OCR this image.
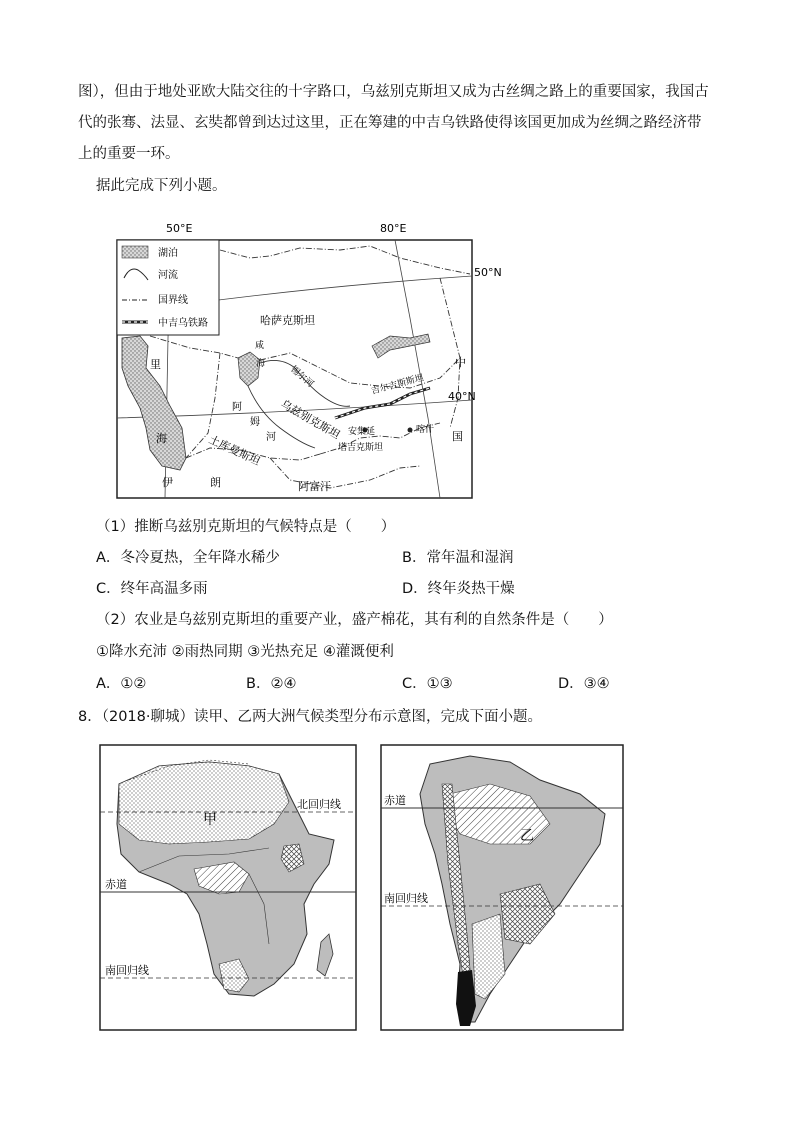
图），但由于地处亚欧大陆交往的十字路口，乌兹别克斯坦又成为古丝绸之路上的重要国家，我国古
代的张骞、法显、玄奘都曾到达过这里，正在筹建的中吉乌铁路使得该国更加成为丝绸之路经济带
上的重要一环。
据此完成下列小题。
50°E	80°E
50°N
40°N
湖泊
河流
国界线
中吉乌铁路
里
海
咸
海
锡尔河
阿
姆
河
哈萨克斯坦
中
国
吉尔吉斯斯坦
乌兹别克斯坦
土库曼斯坦
安集延	喀什
塔吉克斯坦
伊	朗	阿富汗
（1）推断乌兹别克斯坦的气候特点是（　　）
A．冬冷夏热，全年降水稀少	B．常年温和湿润
C．终年高温多雨	D．终年炎热干燥
（2）农业是乌兹别克斯坦的重要产业，盛产棉花，其有利的自然条件是（　　）
①降水充沛 ②雨热同期 ③光热充足 ④灌溉便利
A．①②	B．②④	C．①③	D．③④
8．（2018·聊城）读甲、乙两大洲气候类型分布示意图，完成下面小题。
北回归线
赤道
南回归线
甲
赤道
南回归线
乙
